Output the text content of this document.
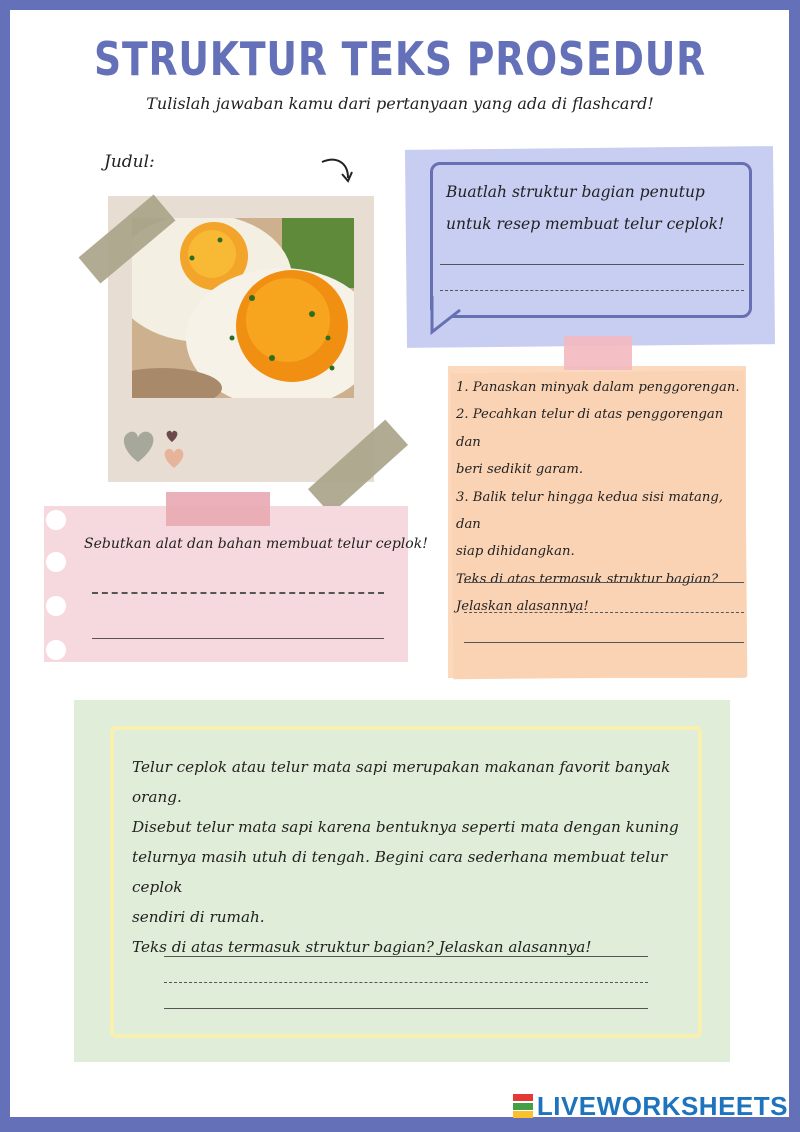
STRUKTUR TEKS PROSEDUR
Tulislah jawaban kamu dari pertanyaan yang ada di flashcard!
Judul:
Buatlah struktur bagian penutup
untuk resep membuat telur ceplok!
1. Panaskan minyak dalam penggorengan.
2. Pecahkan telur di atas penggorengan dan
beri sedikit garam.
3. Balik telur hingga kedua sisi matang, dan
siap dihidangkan.
Teks di atas termasuk struktur bagian?
Jelaskan alasannya!
Sebutkan alat dan bahan membuat telur ceplok!
Telur ceplok atau telur mata sapi merupakan makanan favorit banyak orang.
Disebut telur mata sapi karena bentuknya seperti mata dengan kuning
telurnya masih utuh di tengah. Begini cara sederhana membuat telur ceplok
sendiri di rumah.
Teks di atas termasuk struktur bagian? Jelaskan alasannya!
LIVEWORKSHEETS
